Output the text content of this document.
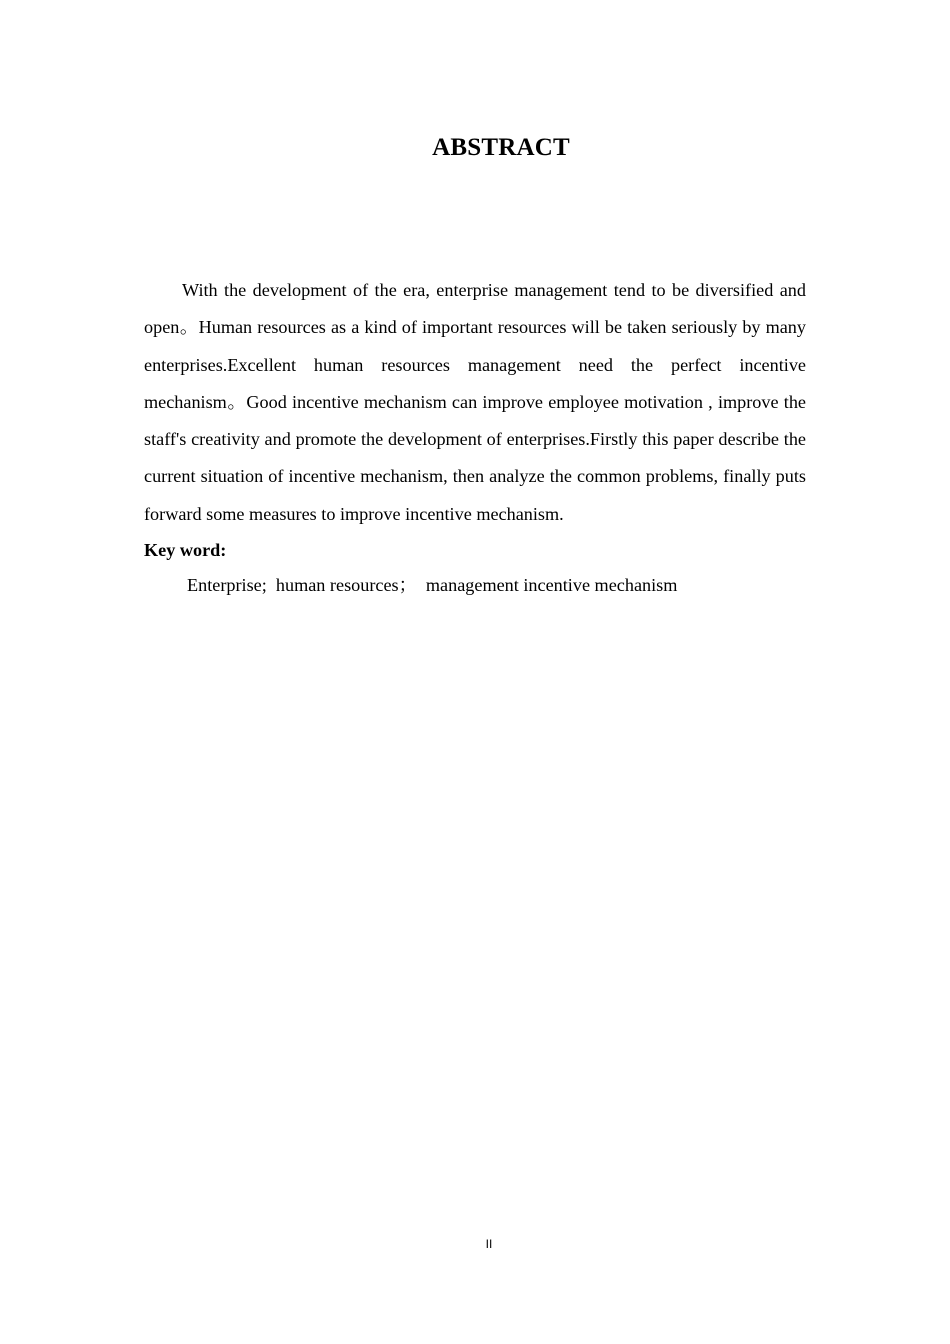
ABSTRACT

With the development of the era, enterprise management tend to be diversified and open。Human resources as a kind of important resources will be taken seriously by many enterprises.Excellent human resources management need the perfect incentive mechanism。Good incentive mechanism can improve employee motivation , improve the staff's creativity and promote the development of enterprises.Firstly this paper describe the current situation of incentive mechanism, then analyze the common problems, finally puts forward some measures to improve incentive mechanism.

Key word:
Enterprise;  human resources；  management incentive mechanism
II
